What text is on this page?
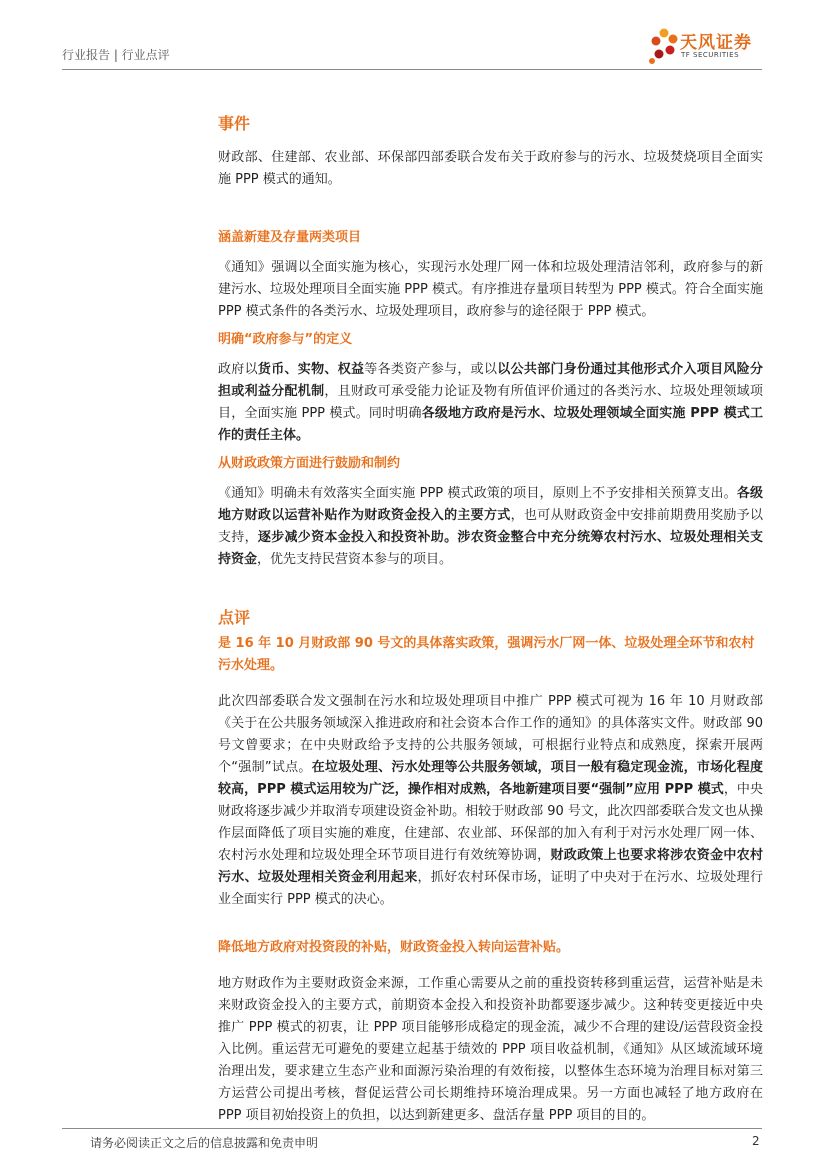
行业报告 | 行业点评
天风证券
TF SECURITIES
事件
财政部、住建部、农业部、环保部四部委联合发布关于政府参与的污水、垃圾焚烧项目全面实施 PPP 模式的通知。
涵盖新建及存量两类项目
《通知》强调以全面实施为核心，实现污水处理厂网一体和垃圾处理清洁邻利，政府参与的新建污水、垃圾处理项目全面实施 PPP 模式。有序推进存量项目转型为 PPP 模式。符合全面实施 PPP 模式条件的各类污水、垃圾处理项目，政府参与的途径限于 PPP 模式。
明确“政府参与”的定义
政府以货币、实物、权益等各类资产参与，或以以公共部门身份通过其他形式介入项目风险分担或利益分配机制，且财政可承受能力论证及物有所值评价通过的各类污水、垃圾处理领域项目，全面实施 PPP 模式。同时明确各级地方政府是污水、垃圾处理领域全面实施 PPP 模式工作的责任主体。
从财政政策方面进行鼓励和制约
《通知》明确未有效落实全面实施 PPP 模式政策的项目，原则上不予安排相关预算支出。各级地方财政以运营补贴作为财政资金投入的主要方式，也可从财政资金中安排前期费用奖励予以支持，逐步减少资本金投入和投资补助。涉农资金整合中充分统筹农村污水、垃圾处理相关支持资金，优先支持民营资本参与的项目。
点评
是 16 年 10 月财政部 90 号文的具体落实政策，强调污水厂网一体、垃圾处理全环节和农村污水处理。
此次四部委联合发文强制在污水和垃圾处理项目中推广 PPP 模式可视为 16 年 10 月财政部《关于在公共服务领域深入推进政府和社会资本合作工作的通知》的具体落实文件。财政部 90 号文曾要求；在中央财政给予支持的公共服务领域，可根据行业特点和成熟度，探索开展两个“强制”试点。在垃圾处理、污水处理等公共服务领域，项目一般有稳定现金流，市场化程度较高，PPP 模式运用较为广泛，操作相对成熟，各地新建项目要“强制”应用 PPP 模式，中央财政将逐步减少并取消专项建设资金补助。相较于财政部 90 号文，此次四部委联合发文也从操作层面降低了项目实施的难度，住建部、农业部、环保部的加入有利于对污水处理厂网一体、农村污水处理和垃圾处理全环节项目进行有效统筹协调，财政政策上也要求将涉农资金中农村污水、垃圾处理相关资金利用起来，抓好农村环保市场，证明了中央对于在污水、垃圾处理行业全面实行 PPP 模式的决心。
降低地方政府对投资段的补贴，财政资金投入转向运营补贴。
地方财政作为主要财政资金来源，工作重心需要从之前的重投资转移到重运营，运营补贴是未来财政资金投入的主要方式，前期资本金投入和投资补助都要逐步减少。这种转变更接近中央推广 PPP 模式的初衷，让 PPP 项目能够形成稳定的现金流，减少不合理的建设/运营段资金投入比例。重运营无可避免的要建立起基于绩效的 PPP 项目收益机制，《通知》从区域流域环境治理出发，要求建立生态产业和面源污染治理的有效衔接，以整体生态环境为治理目标对第三方运营公司提出考核，督促运营公司长期维持环境治理成果。另一方面也减轻了地方政府在 PPP 项目初始投资上的负担，以达到新建更多、盘活存量 PPP 项目的目的。
请务必阅读正文之后的信息披露和免责申明	2
